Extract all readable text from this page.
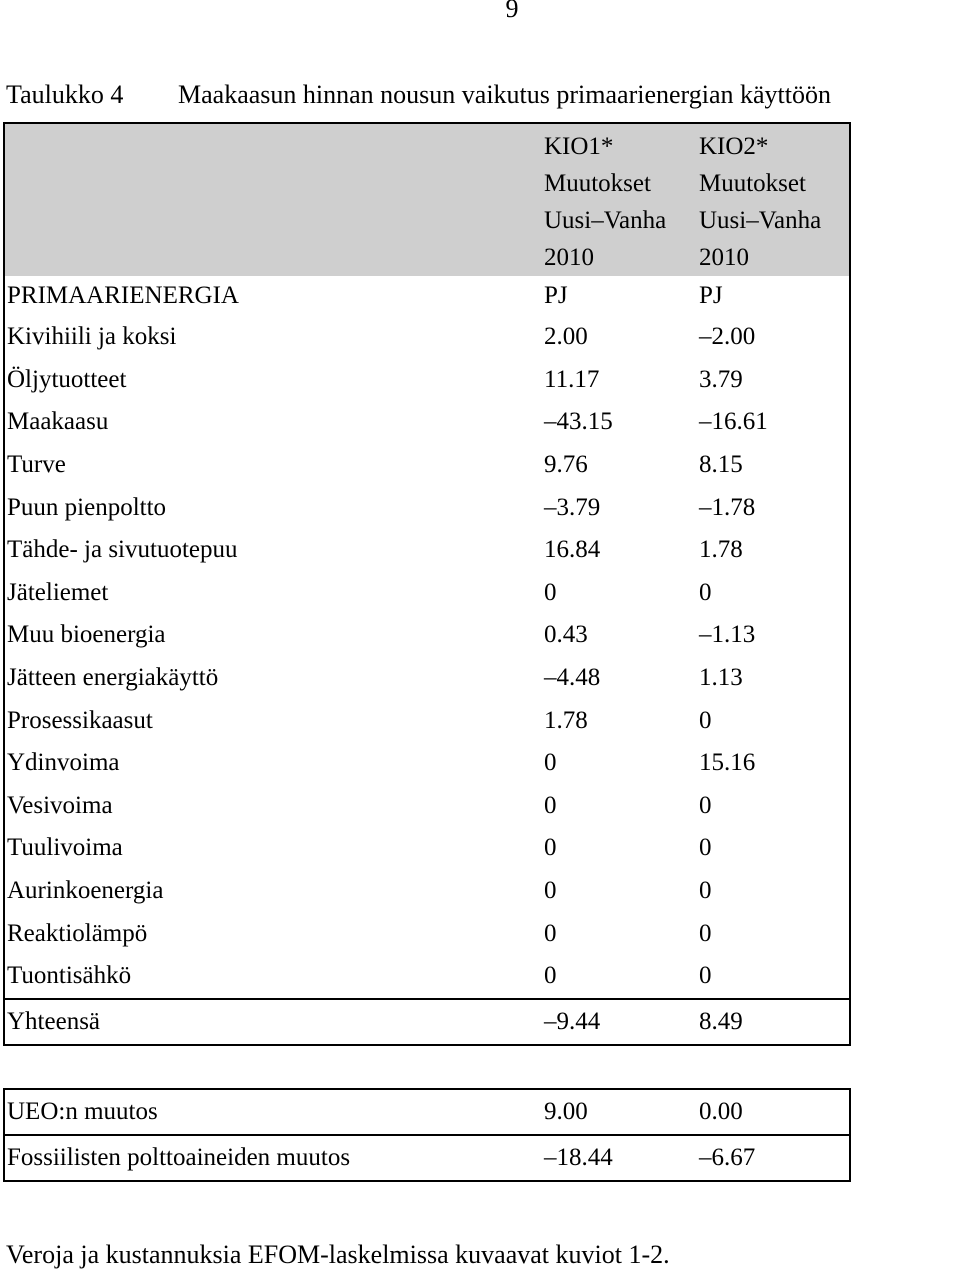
9
Taulukko 4 Maakaasun hinnan nousun vaikutus primaarienergian käyttöön

	KIO1*
Muutokset
Uusi–Vanha
2010	KIO2*
Muutokset
Uusi–Vanha
2010

PRIMAARIENERGIA	PJ	PJ
Kivihiili ja koksi	2.00	–2.00
Öljytuotteet	11.17	3.79
Maakaasu	–43.15	–16.61
Turve	9.76	8.15
Puun pienpoltto	–3.79	–1.78
Tähde- ja sivutuotepuu	16.84	1.78
Jäteliemet	0	0
Muu bioenergia	0.43	–1.13
Jätteen energiakäyttö	–4.48	1.13
Prosessikaasut	1.78	0
Ydinvoima	0	15.16
Vesivoima	0	0
Tuulivoima	0	0
Aurinkoenergia	0	0
Reaktiolämpö	0	0
Tuontisähkö	0	0
Yhteensä	–9.44	8.49
UEO:n muutos	9.00	0.00
Fossiilisten polttoaineiden muutos	–18.44	–6.67
Veroja ja kustannuksia EFOM-laskelmissa kuvaavat kuviot 1-2.
